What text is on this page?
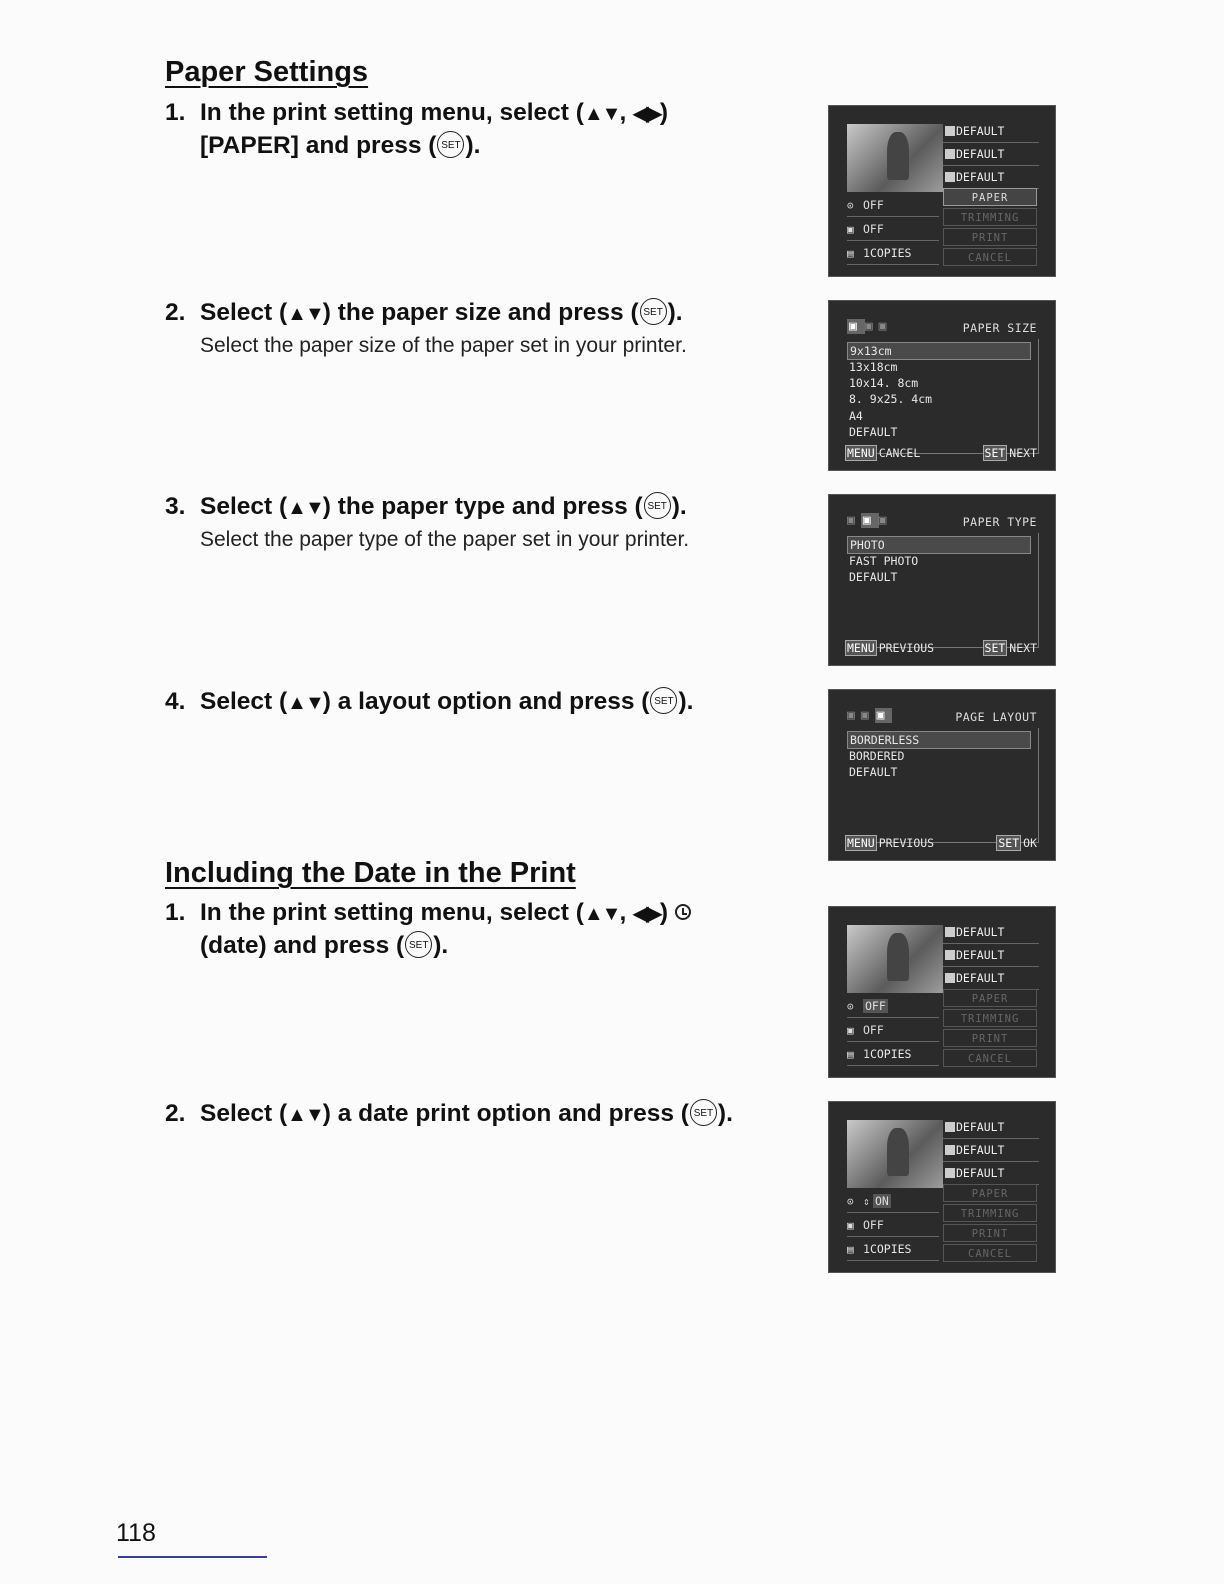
Paper Settings
1. In the print setting menu, select (▲▼, ◀▶)
[PAPER] and press ( SET ).
2. Select (▲▼) the paper size and press ( SET ).
Select the paper size of the paper set in your printer.
3. Select (▲▼) the paper type and press ( SET ).
Select the paper type of the paper set in your printer.
4. Select (▲▼) a layout option and press ( SET ).
Including the Date in the Print
1. In the print setting menu, select (▲▼, ◀▶)
(date) and press ( SET ).
2. Select (▲▼) a date print option and press ( SET ).
DEFAULT
DEFAULT
DEFAULT
⊙ OFF
▣ OFF
▤ 1COPIES
PAPER
TRIMMING
PRINT
CANCEL
▣ ▣▣	PAPER SIZE
9x13cm
13x18cm
10x14. 8cm
8. 9x25. 4cm
A4
DEFAULT
MENU CANCEL	SET NEXT
▣ ▣ ▣	PAPER TYPE
PHOTO
FAST PHOTO
DEFAULT
MENU PREVIOUS	SET NEXT
▣▣ ▣	PAGE LAYOUT
BORDERLESS
BORDERED
DEFAULT
MENU PREVIOUS	SET OK
DEFAULT
DEFAULT
DEFAULT
⊙ OFF
▣ OFF
▤ 1COPIES
PAPER
TRIMMING
PRINT
CANCEL
DEFAULT
DEFAULT
DEFAULT
⊙ ⇕ ON
▣ OFF
▤ 1COPIES
PAPER
TRIMMING
PRINT
CANCEL
118
